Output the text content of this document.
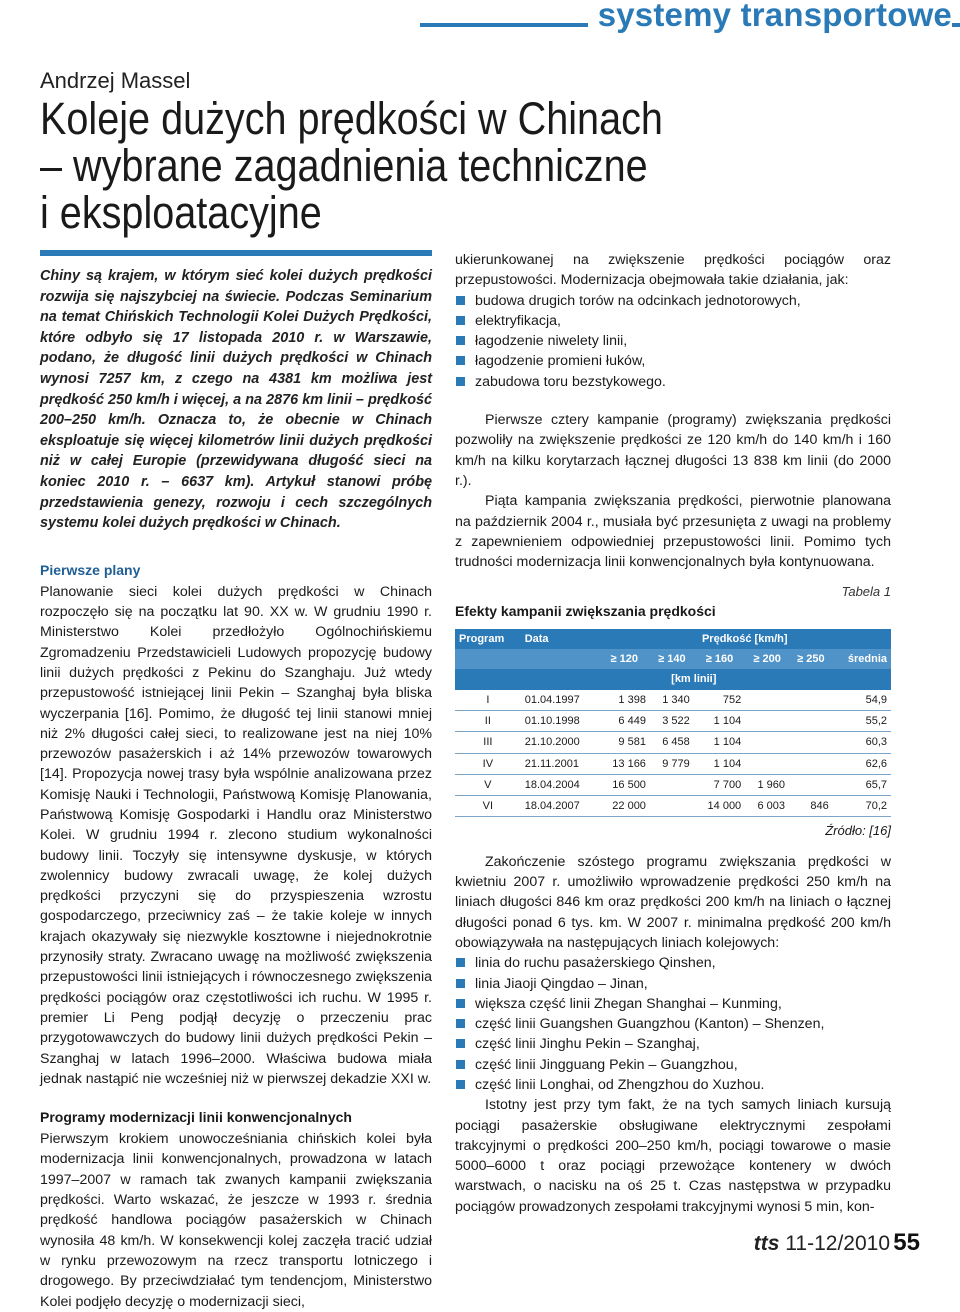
systemy transportowe
Andrzej Massel
Koleje dużych prędkości w Chinach
– wybrane zagadnienia techniczne
i eksploatacyjne

Chiny są krajem, w którym sieć kolei dużych prędkości rozwija się najszybciej na świecie. Podczas Seminarium na temat Chińskich Technologii Kolei Dużych Prędkości, które odbyło się 17 listopada 2010 r. w Warszawie, podano, że długość linii dużych prędkości w Chinach wynosi 7257 km, z czego na 4381 km możliwa jest prędkość 250 km/h i więcej, a na 2876 km linii – prędkość 200–250 km/h. Oznacza to, że obecnie w Chinach eksploatuje się więcej kilometrów linii dużych prędkości niż w całej Europie (przewidywana długość sieci na koniec 2010 r. – 6637 km). Artykuł stanowi próbę przedstawienia genezy, rozwoju i cech szczególnych systemu kolei dużych prędkości w Chinach.

Pierwsze plany

Planowanie sieci kolei dużych prędkości w Chinach rozpoczęło się na początku lat 90. XX w. W grudniu 1990 r. Ministerstwo Kolei przedłożyło Ogólnochińskiemu Zgromadzeniu Przedstawicieli Ludowych propozycję budowy linii dużych prędkości z Pekinu do Szanghaju. Już wtedy przepustowość istniejącej linii Pekin – Szanghaj była bliska wyczerpania [16]. Pomimo, że długość tej linii stanowi mniej niż 2% długości całej sieci, to realizowane jest na niej 10% przewozów pasażerskich i aż 14% przewozów towarowych [14]. Propozycja nowej trasy była wspólnie analizowana przez Komisję Nauki i Technologii, Państwową Komisję Planowania, Państwową Komisję Gospodarki i Handlu oraz Ministerstwo Kolei. W grudniu 1994 r. zlecono studium wykonalności budowy linii. Toczyły się intensywne dyskusje, w których zwolennicy budowy zwracali uwagę, że kolej dużych prędkości przyczyni się do przyspieszenia wzrostu gospodarczego, przeciwnicy zaś – że takie koleje w innych krajach okazywały się niezwykle kosztowne i niejednokrotnie przynosiły straty. Zwracano uwagę na możliwość zwiększenia przepustowości linii istniejących i równoczesnego zwiększenia prędkości pociągów oraz częstotliwości ich ruchu. W 1995 r. premier Li Peng podjął decyzję o przeczeniu prac przygotowawczych do budowy linii dużych prędkości Pekin – Szanghaj w latach 1996–2000. Właściwa budowa miała jednak nastąpić nie wcześniej niż w pierwszej dekadzie XXI w.

Programy modernizacji linii konwencjonalnych

Pierwszym krokiem unowocześniania chińskich kolei była modernizacja linii konwencjonalnych, prowadzona w latach 1997–2007 w ramach tak zwanych kampanii zwiększania prędkości. Warto wskazać, że jeszcze w 1993 r. średnia prędkość handlowa pociągów pasażerskich w Chinach wynosiła 48 km/h. W konsekwencji kolej zaczęła tracić udział w rynku przewozowym na rzecz transportu lotniczego i drogowego. By przeciwdziałać tym tendencjom, Ministerstwo Kolei podjęło decyzję o modernizacji sieci,

ukierunkowanej na zwiększenie prędkości pociągów oraz przepustowości. Modernizacja obejmowała takie działania, jak:

budowa drugich torów na odcinkach jednotorowych,
elektryfikacja,
łagodzenie niwelety linii,
łagodzenie promieni łuków,
zabudowa toru bezstykowego.

Pierwsze cztery kampanie (programy) zwiększania prędkości pozwoliły na zwiększenie prędkości ze 120 km/h do 140 km/h i 160 km/h na kilku korytarzach łącznej długości 13 838 km linii (do 2000 r.).

Piąta kampania zwiększania prędkości, pierwotnie planowana na październik 2004 r., musiała być przesunięta z uwagi na problemy z zapewnieniem odpowiedniej przepustowości linii. Pomimo tych trudności modernizacja linii konwencjonalnych była kontynuowana.

Tabela 1
Efekty kampanii zwiększania prędkości
Program	Data	Prędkość [km/h]					
		≥ 120	≥ 140	≥ 160	≥ 200	≥ 250	średnia
		[km linii]					
I	01.04.1997	1 398	1 340	752			54,9
II	01.10.1998	6 449	3 522	1 104			55,2
III	21.10.2000	9 581	6 458	1 104			60,3
IV	21.11.2001	13 166	9 779	1 104			62,6
V	18.04.2004	16 500		7 700	1 960		65,7
VI	18.04.2007	22 000		14 000	6 003	846	70,2
Źródło: [16]

Zakończenie szóstego programu zwiększania prędkości w kwietniu 2007 r. umożliwiło wprowadzenie prędkości 250 km/h na liniach długości 846 km oraz prędkości 200 km/h na liniach o łącznej długości ponad 6 tys. km. W 2007 r. minimalna prędkość 200 km/h obowiązywała na następujących liniach kolejowych:

linia do ruchu pasażerskiego Qinshen,
linia Jiaoji Qingdao – Jinan,
większa część linii Zhegan Shanghai – Kunming,
część linii Guangshen Guangzhou (Kanton) – Shenzen,
część linii Jinghu Pekin – Szanghaj,
część linii Jingguang Pekin – Guangzhou,
część linii Longhai, od Zhengzhou do Xuzhou.

Istotny jest przy tym fakt, że na tych samych liniach kursują pociągi pasażerskie obsługiwane elektrycznymi zespołami trakcyjnymi o prędkości 200–250 km/h, pociągi towarowe o masie 5000–6000 t oraz pociągi przewożące kontenery w dwóch warstwach, o nacisku na oś 25 t. Czas następstwa w przypadku pociągów prowadzonych zespołami trakcyjnymi wynosi 5 min, kon-

tts 11-12/2010 55
